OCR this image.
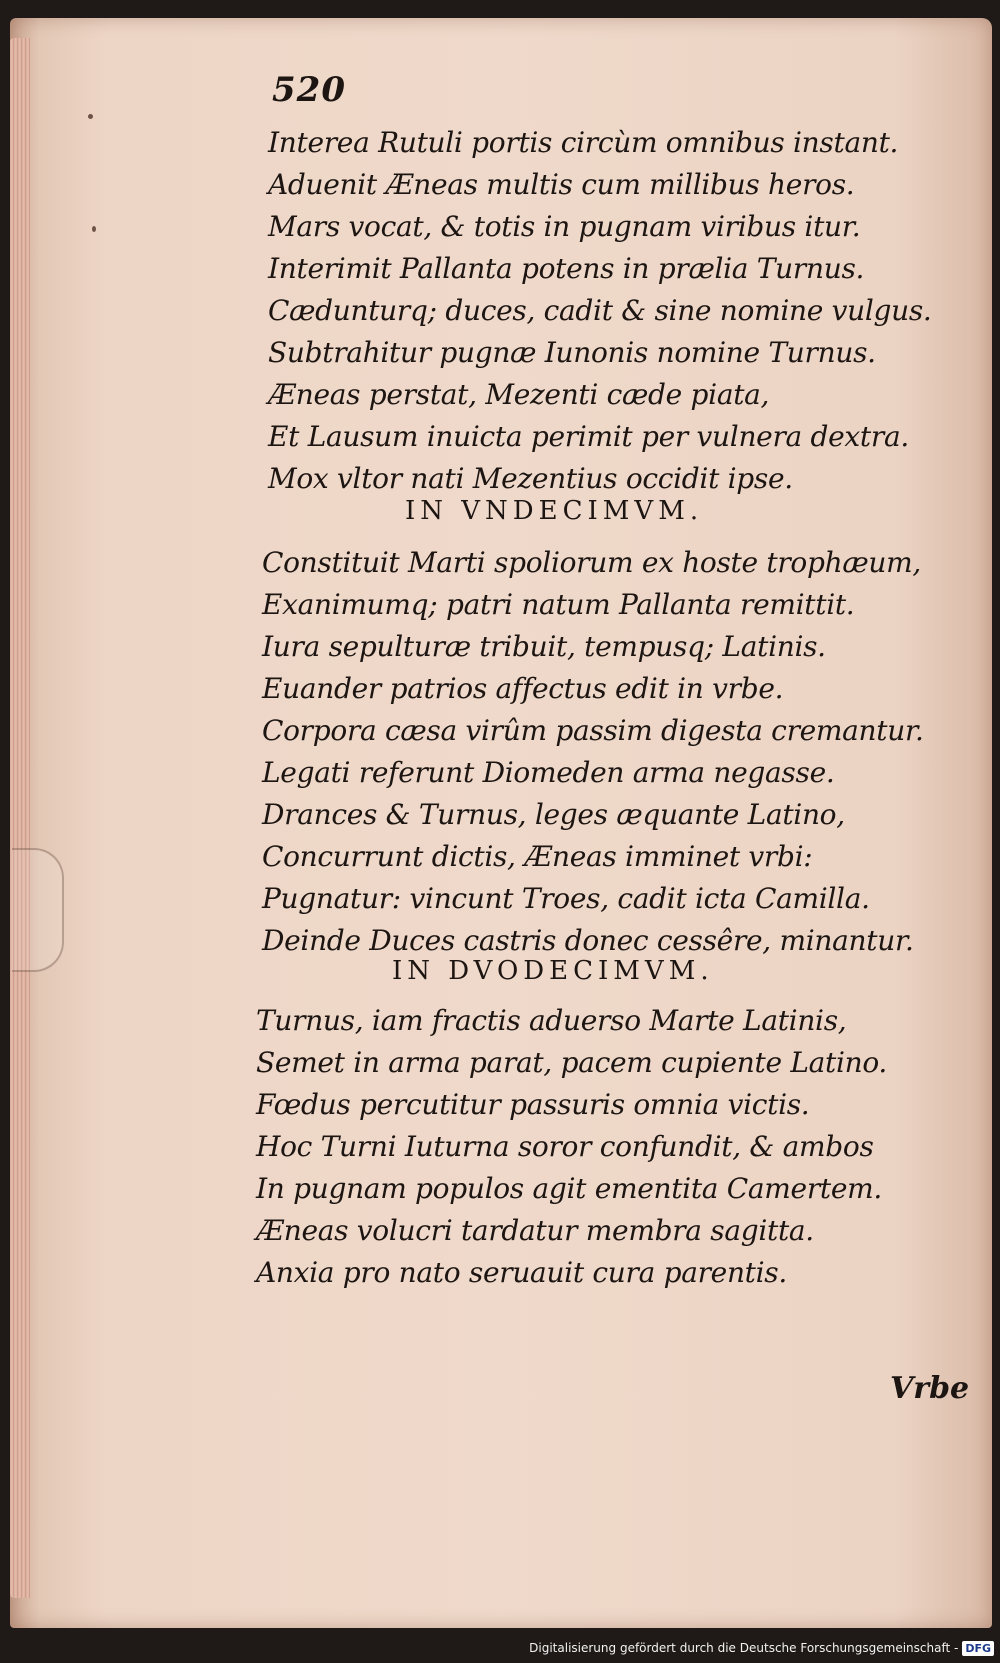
520
Interea Rutuli portis circùm omnibus instant.
Aduenit Æneas multis cum millibus heros.
Mars vocat, & totis in pugnam viribus itur.
Interimit Pallanta potens in prælia Turnus.
Cædunturq; duces, cadit & sine nomine vulgus.
Subtrahitur pugnæ Iunonis nomine Turnus.
Æneas perstat, Mezenti cæde piata,
Et Lausum inuicta perimit per vulnera dextra.
Mox vltor nati Mezentius occidit ipse.
IN VNDECIMVM.
Constituit Marti spoliorum ex hoste trophæum,
Exanimumq; patri natum Pallanta remittit.
Iura sepulturæ tribuit, tempusq; Latinis.
Euander patrios affectus edit in vrbe.
Corpora cæsa virûm passim digesta cremantur.
Legati referunt Diomeden arma negasse.
Drances & Turnus, leges æquante Latino,
Concurrunt dictis, Æneas imminet vrbi:
Pugnatur: vincunt Troes, cadit icta Camilla.
Deinde Duces castris donec cessêre, minantur.
IN DVODECIMVM.
Turnus, iam fractis aduerso Marte Latinis,
Semet in arma parat, pacem cupiente Latino.
Fœdus percutitur passuris omnia victis.
Hoc Turni Iuturna soror confundit, & ambos
In pugnam populos agit ementita Camertem.
Æneas volucri tardatur membra sagitta.
Anxia pro nato seruauit cura parentis.
Vrbe
Digitalisierung gefördert durch die Deutsche Forschungsgemeinschaft - DFG
